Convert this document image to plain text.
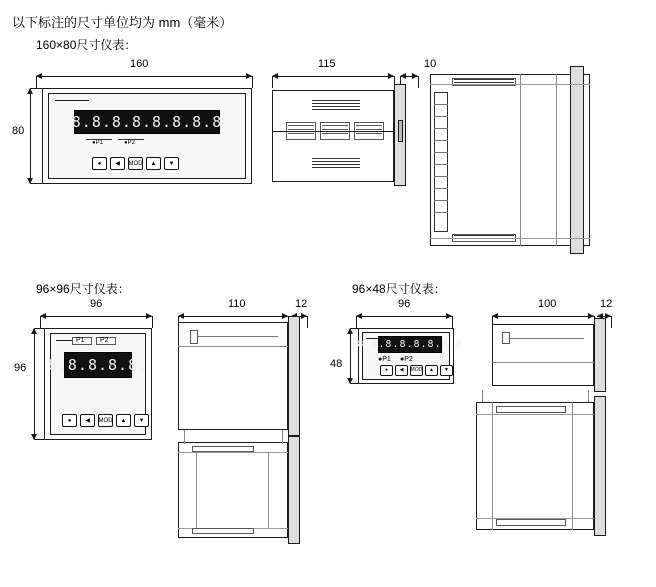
以下标注的尺寸单位均为 mm（毫米）
160×80尺寸仪表：
160
80	8.8.8.8.8.8.8.8
●P1	●P2
●	◀	MOD	▲	▼
115	10
96×96尺寸仪表：
96
96
P1 P2
8.8.8.8.8.
●	◀	MOD	▲	▼
110	12
96×48尺寸仪表：
96
48
8.8.8.8.8.8.8.8
●P1 ●P2
●	◀	MOD	▲	▼
100	12
